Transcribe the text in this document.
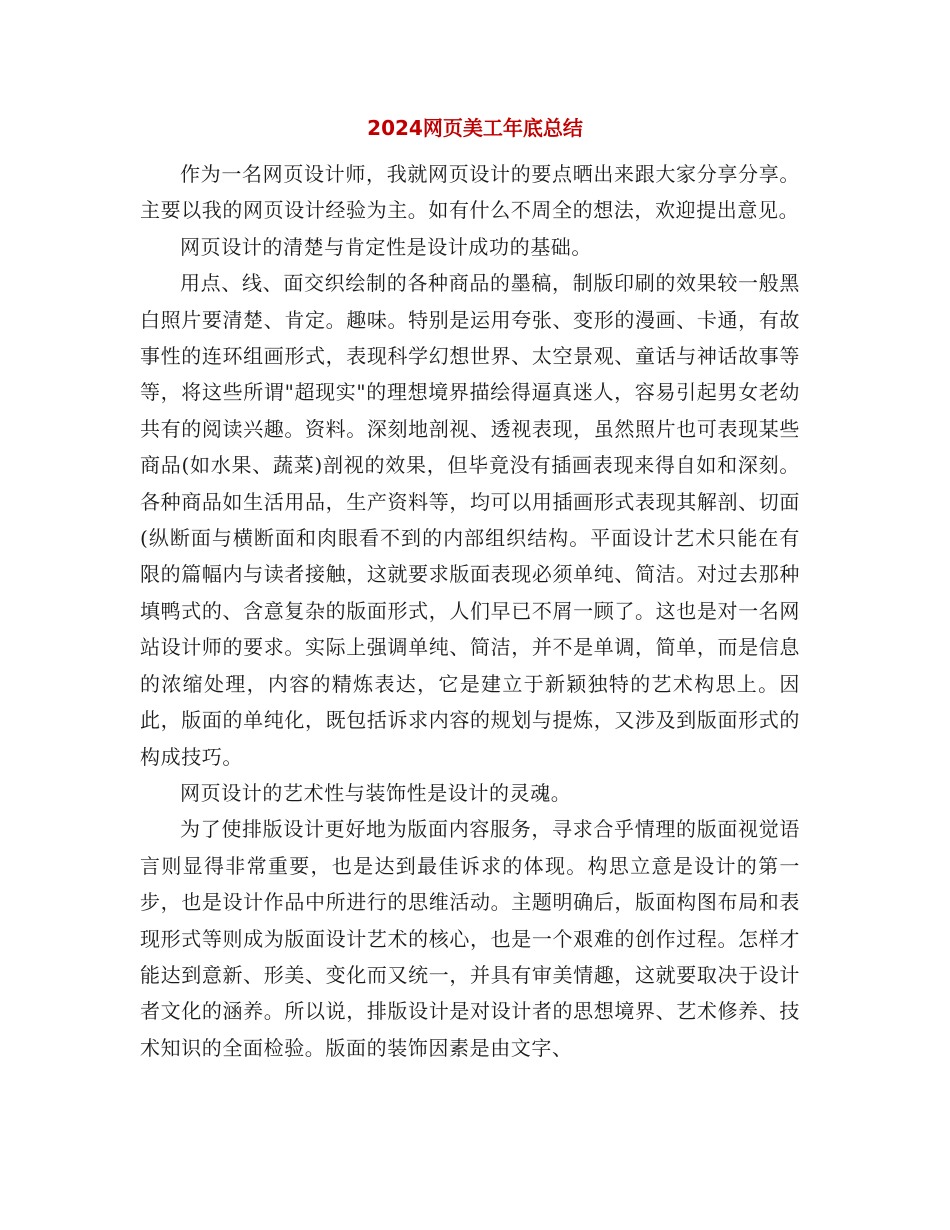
2024网页美工年底总结

作为一名网页设计师，我就网页设计的要点晒出来跟大家分享分享。主要以我的网页设计经验为主。如有什么不周全的想法，欢迎提出意见。

网页设计的清楚与肯定性是设计成功的基础。

用点、线、面交织绘制的各种商品的墨稿，制版印刷的效果较一般黑白照片要清楚、肯定。趣味。特别是运用夸张、变形的漫画、卡通，有故事性的连环组画形式，表现科学幻想世界、太空景观、童话与神话故事等等，将这些所谓"超现实"的理想境界描绘得逼真迷人，容易引起男女老幼共有的阅读兴趣。资料。深刻地剖视、透视表现，虽然照片也可表现某些商品(如水果、蔬菜)剖视的效果，但毕竟没有插画表现来得自如和深刻。各种商品如生活用品，生产资料等，均可以用插画形式表现其解剖、切面(纵断面与横断面和肉眼看不到的内部组织结构。平面设计艺术只能在有限的篇幅内与读者接触，这就要求版面表现必须单纯、简洁。对过去那种填鸭式的、含意复杂的版面形式，人们早已不屑一顾了。这也是对一名网站设计师的要求。实际上强调单纯、简洁，并不是单调，简单，而是信息的浓缩处理，内容的精炼表达，它是建立于新颖独特的艺术构思上。因此，版面的单纯化，既包括诉求内容的规划与提炼，又涉及到版面形式的构成技巧。

网页设计的艺术性与装饰性是设计的灵魂。

为了使排版设计更好地为版面内容服务，寻求合乎情理的版面视觉语言则显得非常重要，也是达到最佳诉求的体现。构思立意是设计的第一步，也是设计作品中所进行的思维活动。主题明确后，版面构图布局和表现形式等则成为版面设计艺术的核心，也是一个艰难的创作过程。怎样才能达到意新、形美、变化而又统一，并具有审美情趣，这就要取决于设计者文化的涵养。所以说，排版设计是对设计者的思想境界、艺术修养、技术知识的全面检验。版面的装饰因素是由文字、
